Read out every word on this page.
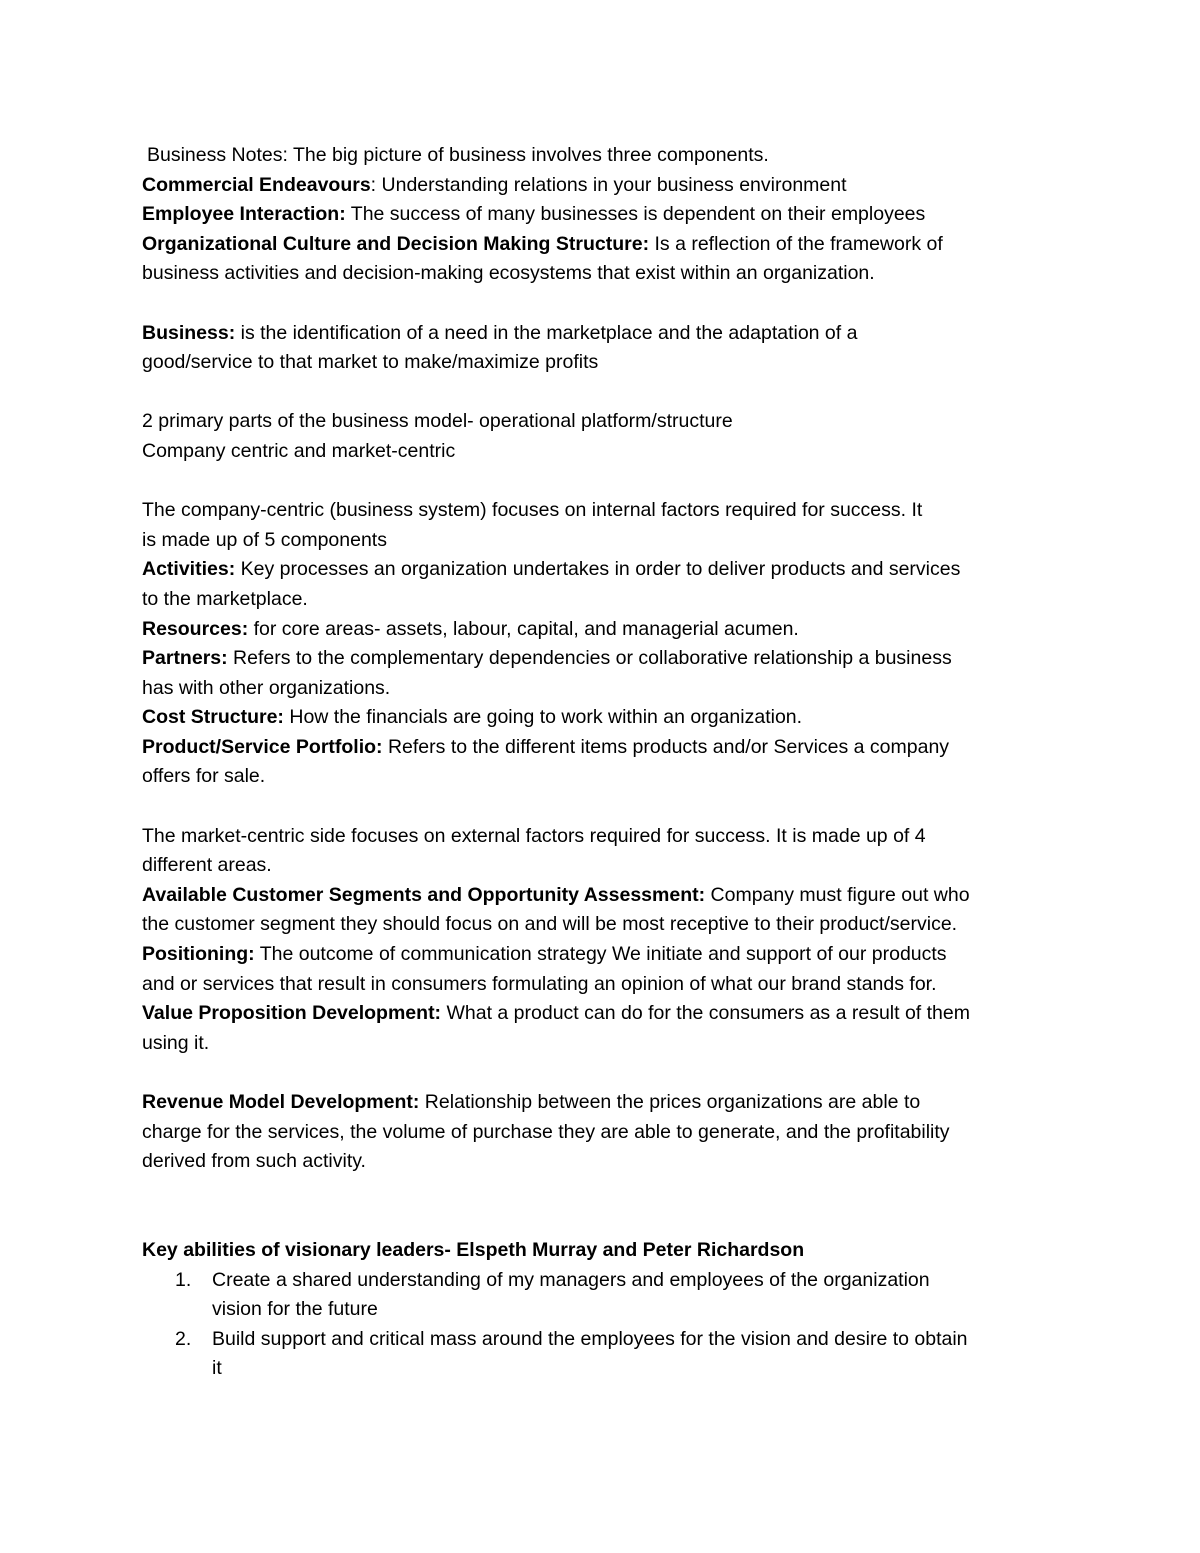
Business Notes: The big picture of business involves three components.
Commercial Endeavours: Understanding relations in your business environment
Employee Interaction: The success of many businesses is dependent on their employees
Organizational Culture and Decision Making Structure: Is a reflection of the framework of
business activities and decision-making ecosystems that exist within an organization.
Business: is the identification of a need in the marketplace and the adaptation of a
good/service to that market to make/maximize profits
2 primary parts of the business model- operational platform/structure
Company centric and market-centric
The company-centric (business system) focuses on internal factors required for success. It
is made up of 5 components
Activities: Key processes an organization undertakes in order to deliver products and services
to the marketplace.
Resources: for core areas- assets, labour, capital, and managerial acumen.
Partners: Refers to the complementary dependencies or collaborative relationship a business
has with other organizations.
Cost Structure: How the financials are going to work within an organization.
Product/Service Portfolio: Refers to the different items products and/or Services a company
offers for sale.
The market-centric side focuses on external factors required for success. It is made up of 4
different areas.
Available Customer Segments and Opportunity Assessment: Company must figure out who
the customer segment they should focus on and will be most receptive to their product/service.
Positioning: The outcome of communication strategy We initiate and support of our products
and or services that result in consumers formulating an opinion of what our brand stands for.
Value Proposition Development: What a product can do for the consumers as a result of them
using it.
Revenue Model Development: Relationship between the prices organizations are able to
charge for the services, the volume of purchase they are able to generate, and the profitability
derived from such activity.
Key abilities of visionary leaders- Elspeth Murray and Peter Richardson
1.	Create a shared understanding of my managers and employees of the organization
vision for the future
2.	Build support and critical mass around the employees for the vision and desire to obtain
it
